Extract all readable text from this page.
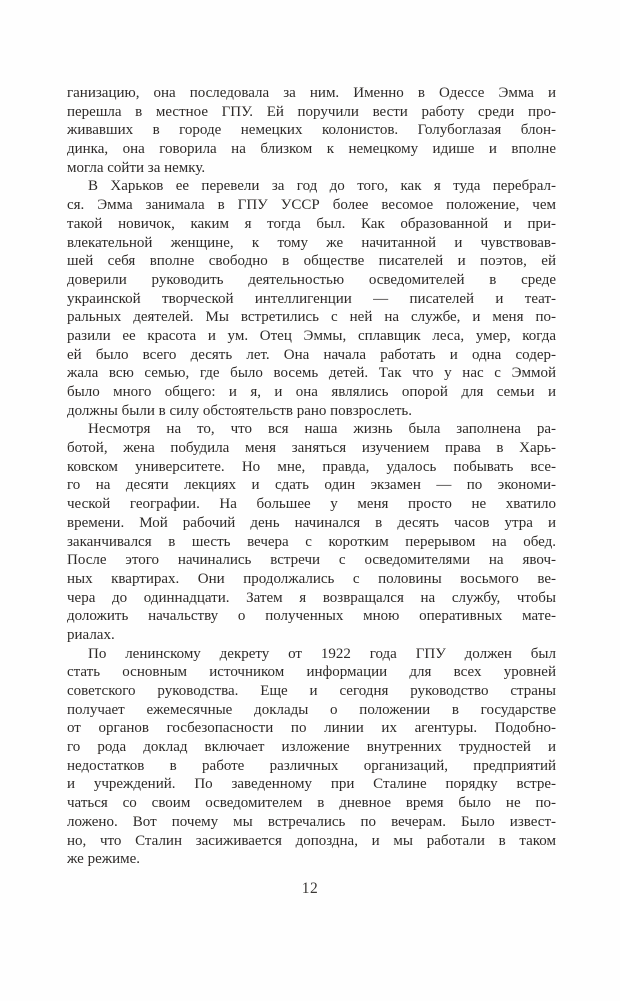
ганизацию, она последовала за ним. Именно в Одессе Эмма и
перешла в местное ГПУ. Ей поручили вести работу среди про-
живавших в городе немецких колонистов. Голубоглазая блон-
динка, она говорила на близком к немецкому идише и вполне
могла сойти за немку.
В Харьков ее перевели за год до того, как я туда перебрал-
ся. Эмма занимала в ГПУ УССР более весомое положение, чем
такой новичок, каким я тогда был. Как образованной и при-
влекательной женщине, к тому же начитанной и чувствовав-
шей себя вполне свободно в обществе писателей и поэтов, ей
доверили руководить деятельностью осведомителей в среде
украинской творческой интеллигенции — писателей и теат-
ральных деятелей. Мы встретились с ней на службе, и меня по-
разили ее красота и ум. Отец Эммы, сплавщик леса, умер, когда
ей было всего десять лет. Она начала работать и одна содер-
жала всю семью, где было восемь детей. Так что у нас с Эммой
было много общего: и я, и она являлись опорой для семьи и
должны были в силу обстоятельств рано повзрослеть.
Несмотря на то, что вся наша жизнь была заполнена ра-
ботой, жена побудила меня заняться изучением права в Харь-
ковском университете. Но мне, правда, удалось побывать все-
го на десяти лекциях и сдать один экзамен — по экономи-
ческой географии. На большее у меня просто не хватило
времени. Мой рабочий день начинался в десять часов утра и
заканчивался в шесть вечера с коротким перерывом на обед.
После этого начинались встречи с осведомителями на явоч-
ных квартирах. Они продолжались с половины восьмого ве-
чера до одиннадцати. Затем я возвращался на службу, чтобы
доложить начальству о полученных мною оперативных мате-
риалах.
По ленинскому декрету от 1922 года ГПУ должен был
стать основным источником информации для всех уровней
советского руководства. Еще и сегодня руководство страны
получает ежемесячные доклады о положении в государстве
от органов госбезопасности по линии их агентуры. Подобно-
го рода доклад включает изложение внутренних трудностей и
недостатков в работе различных организаций, предприятий
и учреждений. По заведенному при Сталине порядку встре-
чаться со своим осведомителем в дневное время было не по-
ложено. Вот почему мы встречались по вечерам. Было извест-
но, что Сталин засиживается допоздна, и мы работали в таком
же режиме.
12
